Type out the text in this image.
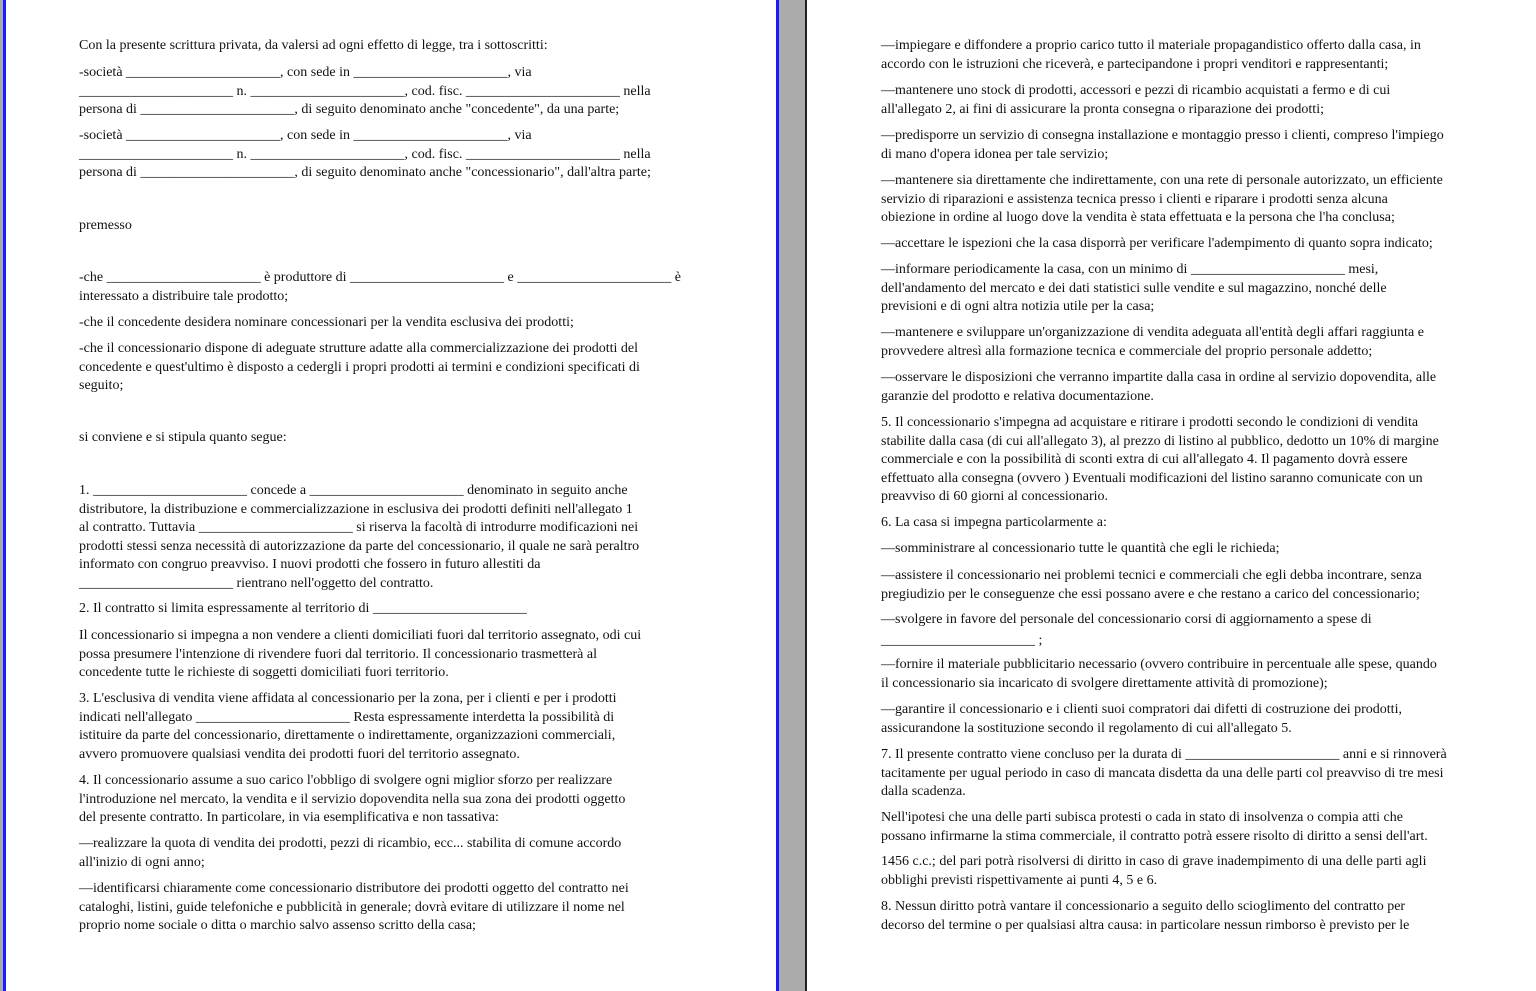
Con la presente scrittura privata, da valersi ad ogni effetto di legge, tra i sottoscritti:
-società ______________________, con sede in ______________________, via
______________________ n. ______________________, cod. fisc. ______________________ nella
persona di ______________________, di seguito denominato anche "concedente", da una parte;
-società ______________________, con sede in ______________________, via
______________________ n. ______________________, cod. fisc. ______________________ nella
persona di ______________________, di seguito denominato anche "concessionario", dall'altra parte;
premesso
-che ______________________ è produttore di ______________________ e ______________________ è
interessato a distribuire tale prodotto;
-che il concedente desidera nominare concessionari per la vendita esclusiva dei prodotti;
-che il concessionario dispone di adeguate strutture adatte alla commercializzazione dei prodotti del
concedente e quest'ultimo è disposto a cedergli i propri prodotti ai termini e condizioni specificati di
seguito;
si conviene e si stipula quanto segue:
1. ______________________ concede a ______________________ denominato in seguito anche
distributore, la distribuzione e commercializzazione in esclusiva dei prodotti definiti nell'allegato 1
al contratto. Tuttavia ______________________ si riserva la facoltà di introdurre modificazioni nei
prodotti stessi senza necessità di autorizzazione da parte del concessionario, il quale ne sarà peraltro
informato con congruo preavviso. I nuovi prodotti che fossero in futuro allestiti da
______________________ rientrano nell'oggetto del contratto.
2. Il contratto si limita espressamente al territorio di ______________________
Il concessionario si impegna a non vendere a clienti domiciliati fuori dal territorio assegnato, odi cui
possa presumere l'intenzione di rivendere fuori dal territorio. Il concessionario trasmetterà al
concedente tutte le richieste di soggetti domiciliati fuori territorio.
3. L'esclusiva di vendita viene affidata al concessionario per la zona, per i clienti e per i prodotti
indicati nell'allegato ______________________ Resta espressamente interdetta la possibilità di
istituire da parte del concessionario, direttamente o indirettamente, organizzazioni commerciali,
avvero promuovere qualsiasi vendita dei prodotti fuori del territorio assegnato.
4. Il concessionario assume a suo carico l'obbligo di svolgere ogni miglior sforzo per realizzare
l'introduzione nel mercato, la vendita e il servizio dopovendita nella sua zona dei prodotti oggetto
del presente contratto. In particolare, in via esemplificativa e non tassativa:
—realizzare la quota di vendita dei prodotti, pezzi di ricambio, ecc... stabilita di comune accordo
all'inizio di ogni anno;
—identificarsi chiaramente come concessionario distributore dei prodotti oggetto del contratto nei
cataloghi, listini, guide telefoniche e pubblicità in generale; dovrà evitare di utilizzare il nome nel
proprio nome sociale o ditta o marchio salvo assenso scritto della casa;
—impiegare e diffondere a proprio carico tutto il materiale propagandistico offerto dalla casa, in
accordo con le istruzioni che riceverà, e partecipandone i propri venditori e rappresentanti;
—mantenere uno stock di prodotti, accessori e pezzi di ricambio acquistati a fermo e di cui
all'allegato 2, ai fini di assicurare la pronta consegna o riparazione dei prodotti;
—predisporre un servizio di consegna installazione e montaggio presso i clienti, compreso l'impiego
di mano d'opera idonea per tale servizio;
—mantenere sia direttamente che indirettamente, con una rete di personale autorizzato, un efficiente
servizio di riparazioni e assistenza tecnica presso i clienti e riparare i prodotti senza alcuna
obiezione in ordine al luogo dove la vendita è stata effettuata e la persona che l'ha conclusa;
—accettare le ispezioni che la casa disporrà per verificare l'adempimento di quanto sopra indicato;
—informare periodicamente la casa, con un minimo di ______________________ mesi,
dell'andamento del mercato e dei dati statistici sulle vendite e sul magazzino, nonché delle
previsioni e di ogni altra notizia utile per la casa;
—mantenere e sviluppare un'organizzazione di vendita adeguata all'entità degli affari raggiunta e
provvedere altresì alla formazione tecnica e commerciale del proprio personale addetto;
—osservare le disposizioni che verranno impartite dalla casa in ordine al servizio dopovendita, alle
garanzie del prodotto e relativa documentazione.
5. Il concessionario s'impegna ad acquistare e ritirare i prodotti secondo le condizioni di vendita
stabilite dalla casa (di cui all'allegato 3), al prezzo di listino al pubblico, dedotto un 10% di margine
commerciale e con la possibilità di sconti extra di cui all'allegato 4. Il pagamento dovrà essere
effettuato alla consegna (ovvero ) Eventuali modificazioni del listino saranno comunicate con un
preavviso di 60 giorni al concessionario.
6. La casa si impegna particolarmente a:
—somministrare al concessionario tutte le quantità che egli le richieda;
—assistere il concessionario nei problemi tecnici e commerciali che egli debba incontrare, senza
pregiudizio per le conseguenze che essi possano avere e che restano a carico del concessionario;
—svolgere in favore del personale del concessionario corsi di aggiornamento a spese di
______________________ ;
—fornire il materiale pubblicitario necessario (ovvero contribuire in percentuale alle spese, quando
il concessionario sia incaricato di svolgere direttamente attività di promozione);
—garantire il concessionario e i clienti suoi compratori dai difetti di costruzione dei prodotti,
assicurandone la sostituzione secondo il regolamento di cui all'allegato 5.
7. Il presente contratto viene concluso per la durata di ______________________ anni e si rinnoverà
tacitamente per ugual periodo in caso di mancata disdetta da una delle parti col preavviso di tre mesi
dalla scadenza.
Nell'ipotesi che una delle parti subisca protesti o cada in stato di insolvenza o compia atti che
possano infirmarne la stima commerciale, il contratto potrà essere risolto di diritto a sensi dell'art.
1456 c.c.; del pari potrà risolversi di diritto in caso di grave inadempimento di una delle parti agli
obblighi previsti rispettivamente ai punti 4, 5 e 6.
8. Nessun diritto potrà vantare il concessionario a seguito dello scioglimento del contratto per
decorso del termine o per qualsiasi altra causa: in particolare nessun rimborso è previsto per le
